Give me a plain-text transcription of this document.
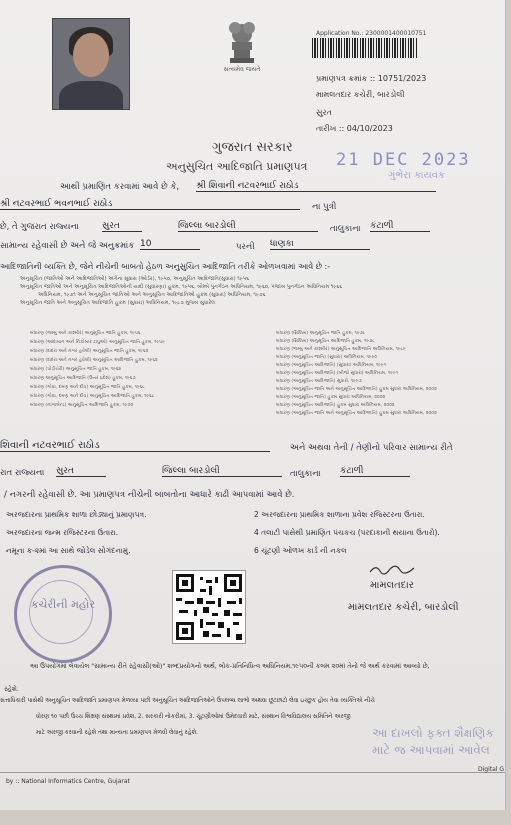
સત્યમેવ જયતે
Application No.: 2300001400010751
પ્રમાણપત્ર ક્રમાંક :: 10751/2023
મામલતદાર કચેરી, બારડોલી
સુરત
તારીખ :: 04/10/2023
ગુજરાત સરકાર
અનુસુચિત આદિજાતિ પ્રમાણપત્ર 21 DEC 2023
ગુંભેરા કાયવક
આથી પ્રમાણિત કરવામાં આવે છે કે, શ્રી શિવાની નટવરભાઈ રાઠોડ
શ્રી નટવરભાઈ ભવનભાઈ રાઠોડ	ના પુત્રી
છે, તે ગુજરાત રાજ્યના	સુરત	જિલ્લા બારડોલી	તાલુકાના કંટાળી
સામાન્ય રહેવાસી છે અને જે અનુક્રમાંક 10	પરની ધાણકા
આદિજાતિની વ્યક્તિ છે, જેને નીચેની બાબતો હેઠળ અનુસુચિત આદિજાતિ તરીકે ઓળખવામાં આવે છે :-
અનુસૂચિત (જાતિઓ અને આદિજાતિઓ) અંગેના સુધારા (ઓર્ડર), ૧૯૫૦, અનુસૂચિત આદિજાતિ(સુધારા) ૧૯૫૬
અનુસૂચિત જાતિઓ અને અનુસૂચિત આદિજાતિઓની યાદી (સુધારણા) હુકમ, ૧૯૫૬, બોમ્બે પુનર્ગઠન અધિનિયમ, ૧૯૬૦, પંજાબ પુનર્ગઠન અધિનિયમ ૧૯૬૬
અધિનિયમ, ૧૯૭૧ અને અનુસૂચિત જાતિઓ અને અનુસૂચિત આદિજાતિઓ હુકમ (સુધારા) અધિનિયમ, ૧૯૭૬
અનુસૂચિત જાતિ અને અનુસૂચિત આદિજાતિ હુકમ (સુધારા) અધિનિયમ, ૧૯૮૭ મુજબ સુધારેલ
બંધારણ (જમ્મુ અને કાશ્મીર) અનુસૂચિત જાતિ હુકમ, ૧૯૫૬
બંધારણ (આંદામાન અને નિકોબાર ટાપુઓ) અનુસૂચિત જાતિ હુકમ, ૧૯૫૯
બંધારણ (દાદરા અને નગર હવેલી) અનુસૂચિત જાતિ હુકમ, ૧૯૬૨
બંધારણ (દાદરા અને નગર હવેલી) અનુસૂચિત આદિજાતિ હુકમ, ૧૯૬૨
બંધારણ (પોંડીચેરી) અનુસૂચિત જાતિ હુકમ, ૧૯૬૪
બંધારણ અનુસૂચિત આદિજાતિ (ઉત્તર પ્રદેશ) હુકમ, ૧૯૬૭
બંધારણ (ગોવા, દમણ અને દીવ) અનુસૂચિત જાતિ હુકમ, ૧૯૬૮
બંધારણ (ગોવા, દમણ અને દીવ) અનુસૂચિત આદિજાતિ હુકમ, ૧૯૬૮
બંધારણ (નાગાલેન્ડ) અનુસૂચિત આદિજાતિ હુકમ, ૧૯૭૦
બંધારણ (સિક્કિમ) અનુસૂચિત જાતિ હુકમ, ૧૯૭૮
બંધારણ (સિક્કિમ) અનુસૂચિત આદિજાતિ હુકમ, ૧૯૭૮
બંધારણ (જમ્મુ અને કાશ્મીર) અનુસૂચિત આદિજાતિ અધિનિયમ, ૧૯૮૯
બંધારણ (અનુસૂચિત જાતિ) (સુધારા) અધિનિયમ, ૧૯૯૦
બંધારણ (અનુસૂચિત આદિજાતિ) (સુધારા) અધિનિયમ, ૧૯૯૧
બંધારણ (અનુસૂચિત આદિજાતિ) (બીજો સુધારા) અધિનિયમ, ૧૯૯૧
બંધારણ (અનુસૂચિત આદિજાતિ) સુધારો, ૧૯૯૭
બંધારણ (અનુસૂચિત જાતિ અને અનુસૂચિત આદિજાતિ) હુકમ સુધારા અધિનિયમ, ૨૦૦૨
બંધારણ (અનુસૂચિત જાતિ) હુકમ સુધારા અધિનિયમ, ૨૦૦૨
બંધારણ (અનુસૂચિત આદિજાતિ) હુકમ સુધારા અધિનિયમ, ૨૦૦૨
બંધારણ (અનુસૂચિત જાતિ અને અનુસૂચિત આદિજાતિ) હુકમ સુધારા અધિનિયમ, ૨૦૦૨
શિવાની નટવરભાઈ રાઠોડ	અને અથવા તેની / તેણીનો પરિવાર સામાન્ય રીતે
રાત રાજ્યના સુરત	જિલ્લા બારડોલી	તાલુકાના કંટાળી
/ નગરની રહેવાસી છે. આ પ્રમાણપત્ર નીચેની બાબતોના આધારે કાઢી આપવામાં આવે છે.
અરજદારના પ્રાથમિક શાળા છોડ્યાનું પ્રમાણપત્ર.	2 અરજદારના પ્રાથમિક શાળાના પ્રવેશ રજિસ્ટરના ઉતારા.
અરજદારના જન્મ રજિસ્ટરના ઉતારા.	4 તલાટી પાસેથી પ્રમાણિત પંચકચ (પરદાકાની થયાના ઉતારો).
નમૂના ક-૨માં આ સાથે જોડેલ સોગંદનામું.	6 ચૂંટણી ઓળખ કાર્ડ ની નકલ
કચેરીની મહોર
મામલતદાર
મામલતદાર કચેરી, બારડોલી
આ ઉપયોગમાં લેવાયેલ "સામાન્ય રીતે રહેવાસી(ઓ)" શબ્દપ્રયોગનો અર્થ, લોક-પ્રતિનિધિત્વ અધિનિયમ,૧૯૫૦ની કલમ ૨૦માં તેનો જે અર્થ કરવામાં આવ્યો છે,
રહેશે.
સત્તાધિકારી પાસેથી અનુસૂચિત આદિજાતિ પ્રમાણપત્ર મેળવ્યા પછી અનુસૂચિત આદિજાતિઓને ઉપલબ્ધ લાભો અથવા છૂટછાટો લેવા ઇચ્છુક હોય તેવા વ્યક્તિએ નીચે
ધોરણ ૧૦ પછી ઉચ્ચ શિક્ષણ સંસ્થામાં પ્રવેશ, 2. સરકારી નોકરીમાં, 3. ચૂંટણીઓમાં ઉમેદવારી માટે, સંસ્થાન વિશ્વવિદ્યાલય સમિતિને અરજી
માટે અરજી કરવાની રહેશે તથા માન્યતા પ્રમાણપત્ર મેળવી લેવાનું રહેશે.	આ દાખલો ફક્ત શૈક્ષણિક
માટે જ આપવામાં આવેલ
by :: National Informatics Centre, Gujarat
Digital G
